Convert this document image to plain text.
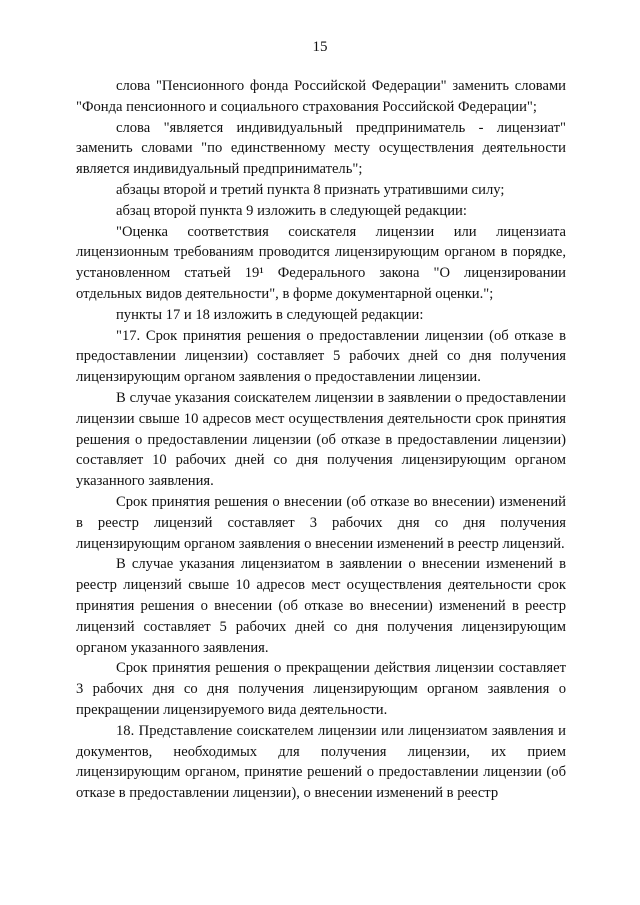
15

слова "Пенсионного фонда Российской Федерации" заменить словами "Фонда пенсионного и социального страхования Российской Федерации";

слова "является индивидуальный предприниматель - лицензиат" заменить словами "по единственному месту осуществления деятельности является индивидуальный предприниматель";

абзацы второй и третий пункта 8 признать утратившими силу;

абзац второй пункта 9 изложить в следующей редакции:

"Оценка соответствия соискателя лицензии или лицензиата лицензионным требованиям проводится лицензирующим органом в порядке, установленном статьей 19¹ Федерального закона "О лицензировании отдельных видов деятельности", в форме документарной оценки.";

пункты 17 и 18 изложить в следующей редакции:

"17. Срок принятия решения о предоставлении лицензии (об отказе в предоставлении лицензии) составляет 5 рабочих дней со дня получения лицензирующим органом заявления о предоставлении лицензии.

В случае указания соискателем лицензии в заявлении о предоставлении лицензии свыше 10 адресов мест осуществления деятельности срок принятия решения о предоставлении лицензии (об отказе в предоставлении лицензии) составляет 10 рабочих дней со дня получения лицензирующим органом указанного заявления.

Срок принятия решения о внесении (об отказе во внесении) изменений в реестр лицензий составляет 3 рабочих дня со дня получения лицензирующим органом заявления о внесении изменений в реестр лицензий.

В случае указания лицензиатом в заявлении о внесении изменений в реестр лицензий свыше 10 адресов мест осуществления деятельности срок принятия решения о внесении (об отказе во внесении) изменений в реестр лицензий составляет 5 рабочих дней со дня получения лицензирующим органом указанного заявления.

Срок принятия решения о прекращении действия лицензии составляет 3 рабочих дня со дня получения лицензирующим органом заявления о прекращении лицензируемого вида деятельности.

18. Представление соискателем лицензии или лицензиатом заявления и документов, необходимых для получения лицензии, их прием лицензирующим органом, принятие решений о предоставлении лицензии (об отказе в предоставлении лицензии), о внесении изменений в реестр
